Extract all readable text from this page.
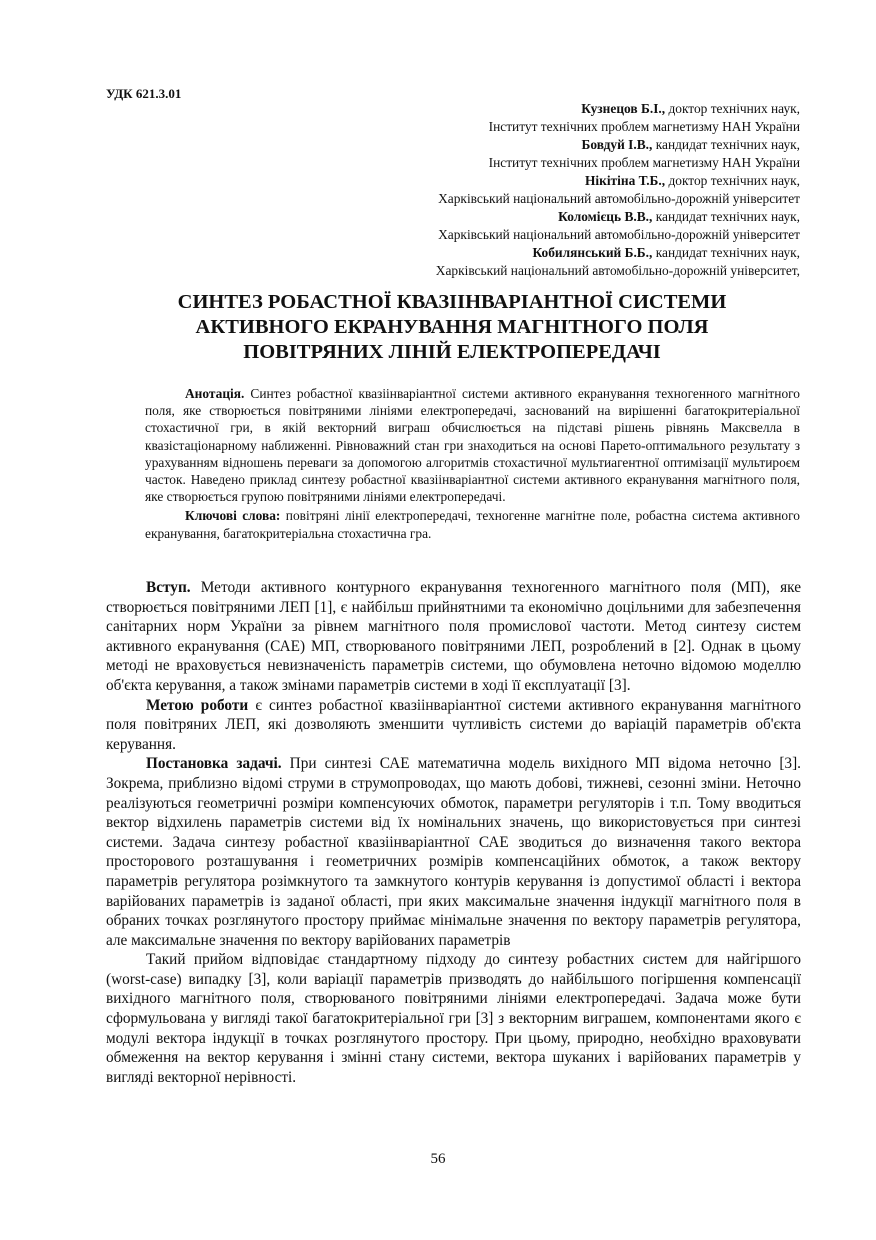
УДК 621.3.01
Кузнецов Б.І., доктор технічних наук,
Інститут технічних проблем магнетизму НАН України
Бовдуй І.В., кандидат технічних наук,
Інститут технічних проблем магнетизму НАН України
Нікітіна Т.Б., доктор технічних наук,
Харківський національний автомобільно-дорожній університет
Коломієць В.В., кандидат технічних наук,
Харківський національний автомобільно-дорожній університет
Кобилянський Б.Б., кандидат технічних наук,
Харківський національний автомобільно-дорожній університет,
СИНТЕЗ РОБАСТНОЇ КВАЗІІНВАРІАНТНОЇ СИСТЕМИ
АКТИВНОГО ЕКРАНУВАННЯ МАГНІТНОГО ПОЛЯ
ПОВІТРЯНИХ ЛІНІЙ ЕЛЕКТРОПЕРЕДАЧІ

Анотація. Синтез робастної квазіінваріантної системи активного екранування техногенного магнітного поля, яке створюється повітряними лініями електропередачі, заснований на вирішенні багатокритеріальної стохастичної гри, в якій векторний виграш обчислюється на підставі рішень рівнянь Максвелла в квазістаціонарному наближенні. Рівноважний стан гри знаходиться на основі Парето-оптимального результату з урахуванням відношень переваги за допомогою алгоритмів стохастичної мультиагентної оптимізації мультироєм часток. Наведено приклад синтезу робастної квазіінваріантної системи активного екранування магнітного поля, яке створюється групою повітряними лініями електропередачі.

Ключові слова: повітряні лінії електропередачі, техногенне магнітне поле, робастна система активного екранування, багатокритеріальна стохастична гра.

Вступ. Методи активного контурного екранування техногенного магнітного поля (МП), яке створюється повітряними ЛЕП [1], є найбільш прийнятними та економічно доцільними для забезпечення санітарних норм України за рівнем магнітного поля промислової частоти. Метод синтезу систем активного екранування (САЕ) МП, створюваного повітряними ЛЕП, розроблений в [2]. Однак в цьому методі не враховується невизначеність параметрів системи, що обумовлена неточно відомою моделлю об'єкта керування, а також змінами параметрів системи в ході її експлуатації [3].

Метою роботи є синтез робастної квазіінваріантної системи активного екранування магнітного поля повітряних ЛЕП, які дозволяють зменшити чутливість системи до варіацій параметрів об'єкта керування.

Постановка задачі. При синтезі САЕ математична модель вихідного МП відома неточно [3]. Зокрема, приблизно відомі струми в струмопроводах, що мають добові, тижневі, сезонні зміни. Неточно реалізуються геометричні розміри компенсуючих обмоток, параметри регуляторів і т.п. Тому вводиться вектор відхилень параметрів системи від їх номінальних значень, що використовується при синтезі системи. Задача синтезу робастної квазіінваріантної САЕ зводиться до визначення такого вектора просторового розташування і геометричних розмірів компенсаційних обмоток, а також вектору параметрів регулятора розімкнутого та замкнутого контурів керування із допустимої області і вектора варійованих параметрів із заданої області, при яких максимальне значення індукції магнітного поля в обраних точках розглянутого простору приймає мінімальне значення по вектору параметрів регулятора, але максимальне значення по вектору варійованих параметрів

Такий прийом відповідає стандартному підходу до синтезу робастних систем для найгіршого (worst-case) випадку [3], коли варіації параметрів призводять до найбільшого погіршення компенсації вихідного магнітного поля, створюваного повітряними лініями електропередачі. Задача може бути сформульована у вигляді такої багатокритеріальної гри [3] з векторним виграшем, компонентами якого є модулі вектора індукції в точках розглянутого простору. При цьому, природно, необхідно враховувати обмеження на вектор керування і змінні стану системи, вектора шуканих і варійованих параметрів у вигляді векторної нерівності.

56
